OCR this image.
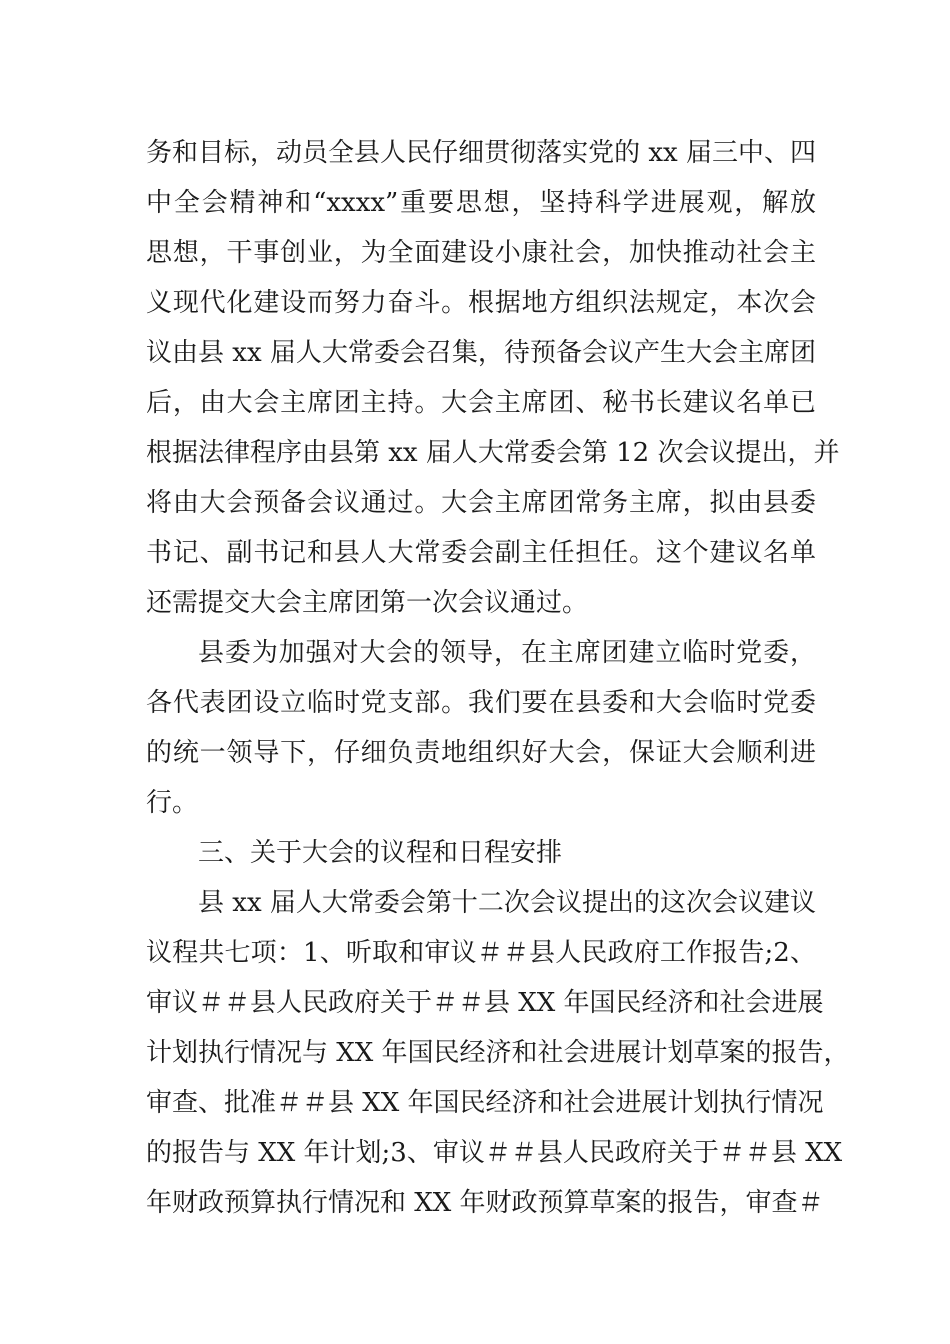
务和目标，动员全县人民仔细贯彻落实党的 xx 届三中、四
中全会精神和“xxxx”重要思想，坚持科学进展观，解放
思想，干事创业，为全面建设小康社会，加快推动社会主
义现代化建设而努力奋斗。根据地方组织法规定，本次会
议由县 xx 届人大常委会召集，待预备会议产生大会主席团
后，由大会主席团主持。大会主席团、秘书长建议名单已
根据法律程序由县第 xx 届人大常委会第 12 次会议提出，并
将由大会预备会议通过。大会主席团常务主席，拟由县委
书记、副书记和县人大常委会副主任担任。这个建议名单
还需提交大会主席团第一次会议通过。
县委为加强对大会的领导，在主席团建立临时党委，
各代表团设立临时党支部。我们要在县委和大会临时党委
的统一领导下，仔细负责地组织好大会，保证大会顺利进
行。
三、关于大会的议程和日程安排
县 xx 届人大常委会第十二次会议提出的这次会议建议
议程共七项：1、听取和审议＃＃县人民政府工作报告;2、
审议＃＃县人民政府关于＃＃县 XX 年国民经济和社会进展
计划执行情况与 XX 年国民经济和社会进展计划草案的报告，
审查、批准＃＃县 XX 年国民经济和社会进展计划执行情况
的报告与 XX 年计划;3、审议＃＃县人民政府关于＃＃县 XX
年财政预算执行情况和 XX 年财政预算草案的报告，审查＃
